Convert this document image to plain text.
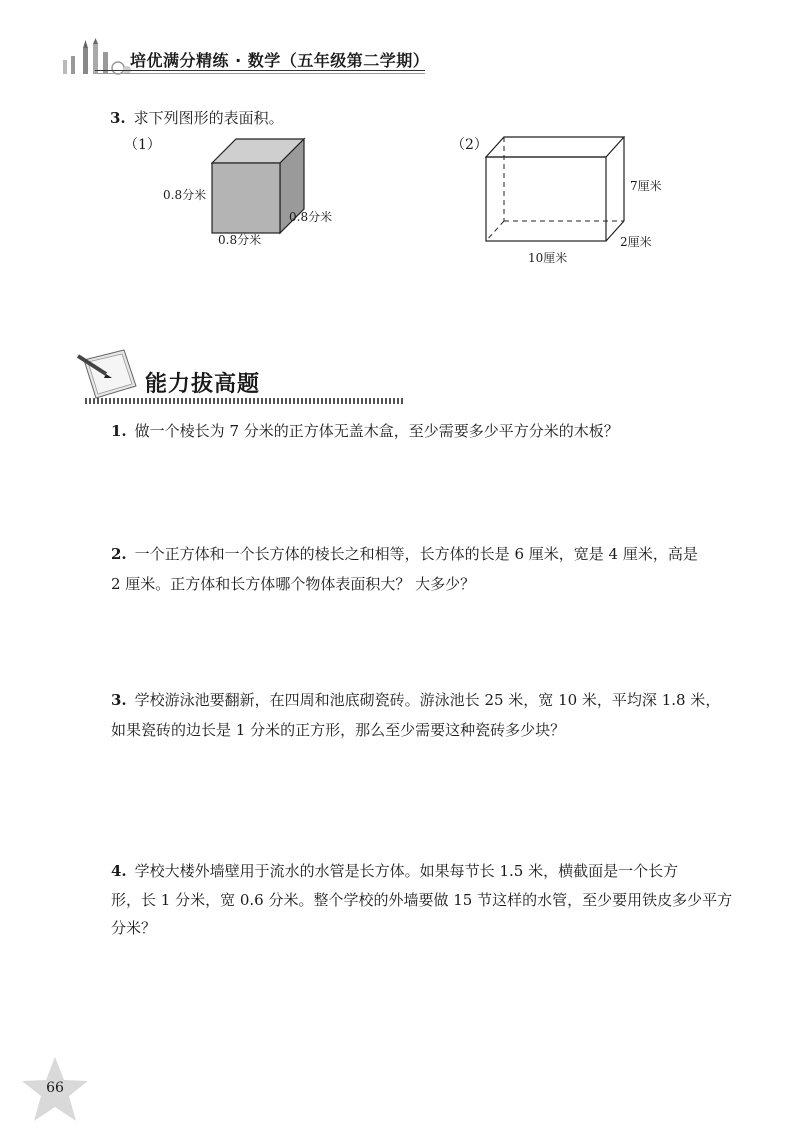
培优满分精练 · 数学（五年级第二学期）
3. 求下列图形的表面积。
（1）
0.8分米
0.8分米
0.8分米
（2）
7厘米
2厘米
10厘米
能力拔高题
1. 做一个棱长为 7 分米的正方体无盖木盒，至少需要多少平方分米的木板？
2. 一个正方体和一个长方体的棱长之和相等，长方体的长是 6 厘米，宽是 4 厘米，高是
2 厘米。正方体和长方体哪个物体表面积大？ 大多少？
3. 学校游泳池要翻新，在四周和池底砌瓷砖。游泳池长 25 米，宽 10 米，平均深 1.8 米，
如果瓷砖的边长是 1 分米的正方形，那么至少需要这种瓷砖多少块？
4. 学校大楼外墙壁用于流水的水管是长方体。如果每节长 1.5 米，横截面是一个长方
形，长 1 分米，宽 0.6 分米。整个学校的外墙要做 15 节这样的水管，至少要用铁皮多少平方
分米？
66
